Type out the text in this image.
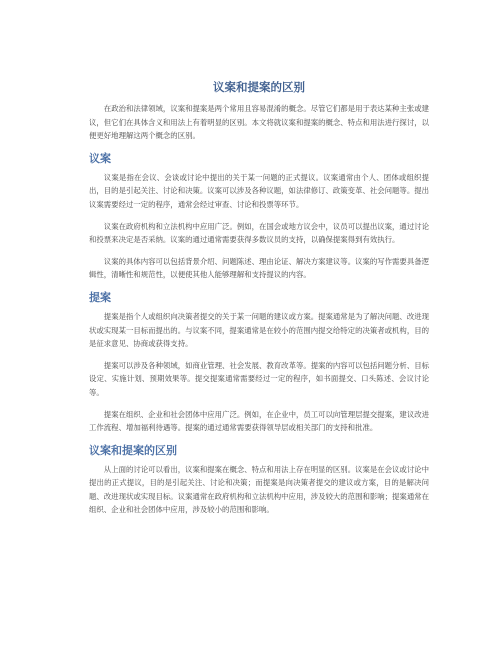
议案和提案的区别

在政治和法律领域，议案和提案是两个常用且容易混淆的概念。尽管它们都是用于表达某种主张或建议，但它们在具体含义和用法上有着明显的区别。本文将就议案和提案的概念、特点和用法进行探讨，以便更好地理解这两个概念的区别。

议案

议案是指在会议、会谈或讨论中提出的关于某一问题的正式提议。议案通常由个人、团体或组织提出，目的是引起关注、讨论和决策。议案可以涉及各种议题，如法律修订、政策变革、社会问题等。提出议案需要经过一定的程序，通常会经过审查、讨论和投票等环节。

议案在政府机构和立法机构中应用广泛。例如，在国会或地方议会中，议员可以提出议案，通过讨论和投票来决定是否采纳。议案的通过通常需要获得多数议员的支持，以确保提案得到有效执行。

议案的具体内容可以包括背景介绍、问题陈述、理由论证、解决方案建议等。议案的写作需要具备逻辑性，清晰性和规范性，以便使其他人能够理解和支持提议的内容。

提案

提案是指个人或组织向决策者提交的关于某一问题的建议或方案。提案通常是为了解决问题、改进现状或实现某一目标而提出的。与议案不同，提案通常是在较小的范围内提交给特定的决策者或机构，目的是征求意见、协商或获得支持。

提案可以涉及各种领域，如商业管理、社会发展、教育改革等。提案的内容可以包括问题分析、目标设定、实施计划、预期效果等。提交提案通常需要经过一定的程序，如书面提交、口头陈述、会议讨论等。

提案在组织、企业和社会团体中应用广泛。例如，在企业中，员工可以向管理层提交提案，建议改进工作流程、增加福利待遇等。提案的通过通常需要获得领导层或相关部门的支持和批准。

议案和提案的区别

从上面的讨论可以看出，议案和提案在概念、特点和用法上存在明显的区别。议案是在会议或讨论中提出的正式提议，目的是引起关注、讨论和决策；而提案是向决策者提交的建议或方案，目的是解决问题、改进现状或实现目标。议案通常在政府机构和立法机构中应用，涉及较大的范围和影响；提案通常在组织、企业和社会团体中应用，涉及较小的范围和影响。
